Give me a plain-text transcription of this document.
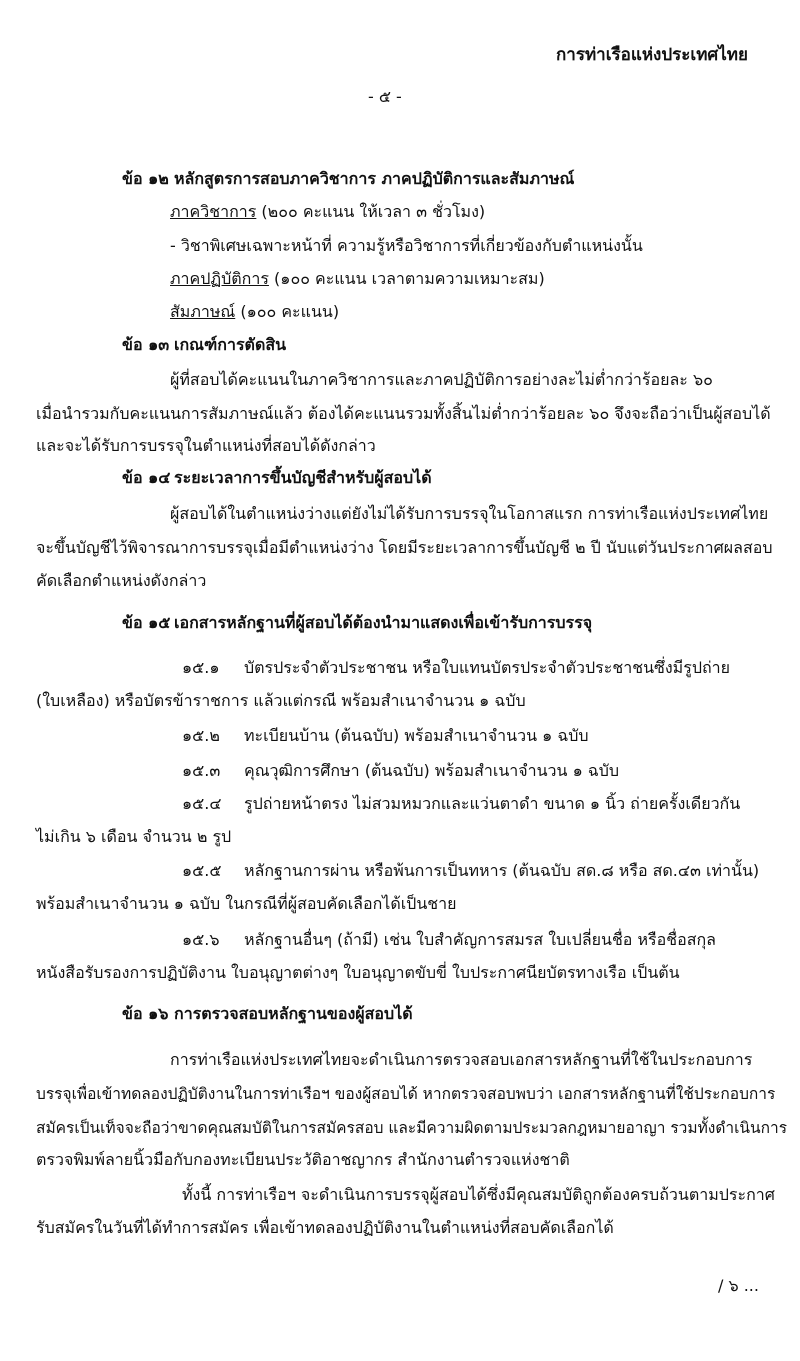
การท่าเรือแห่งประเทศไทย
- ๕ -
ข้อ ๑๒ หลักสูตรการสอบภาควิชาการ ภาคปฏิบัติการและสัมภาษณ์
ภาควิชาการ (๒๐๐ คะแนน ให้เวลา ๓ ชั่วโมง)
- วิชาพิเศษเฉพาะหน้าที่ ความรู้หรือวิชาการที่เกี่ยวข้องกับตำแหน่งนั้น
ภาคปฏิบัติการ (๑๐๐ คะแนน เวลาตามความเหมาะสม)
สัมภาษณ์ (๑๐๐ คะแนน)
ข้อ ๑๓ เกณฑ์การตัดสิน
ผู้ที่สอบได้คะแนนในภาควิชาการและภาคปฏิบัติการอย่างละไม่ต่ำกว่าร้อยละ ๖๐
เมื่อนำรวมกับคะแนนการสัมภาษณ์แล้ว ต้องได้คะแนนรวมทั้งสิ้นไม่ต่ำกว่าร้อยละ ๖๐ จึงจะถือว่าเป็นผู้สอบได้
และจะได้รับการบรรจุในตำแหน่งที่สอบได้ดังกล่าว
ข้อ ๑๔ ระยะเวลาการขึ้นบัญชีสำหรับผู้สอบได้
ผู้สอบได้ในตำแหน่งว่างแต่ยังไม่ได้รับการบรรจุในโอกาสแรก การท่าเรือแห่งประเทศไทย
จะขึ้นบัญชีไว้พิจารณาการบรรจุเมื่อมีตำแหน่งว่าง โดยมีระยะเวลาการขึ้นบัญชี ๒ ปี นับแต่วันประกาศผลสอบ
คัดเลือกตำแหน่งดังกล่าว
ข้อ ๑๕ เอกสารหลักฐานที่ผู้สอบได้ต้องนำมาแสดงเพื่อเข้ารับการบรรจุ
๑๕.๑ บัตรประจำตัวประชาชน หรือใบแทนบัตรประจำตัวประชาชนซึ่งมีรูปถ่าย
(ใบเหลือง) หรือบัตรข้าราชการ แล้วแต่กรณี พร้อมสำเนาจำนวน ๑ ฉบับ
๑๕.๒ ทะเบียนบ้าน (ต้นฉบับ) พร้อมสำเนาจำนวน ๑ ฉบับ
๑๕.๓ คุณวุฒิการศึกษา (ต้นฉบับ) พร้อมสำเนาจำนวน ๑ ฉบับ
๑๕.๔ รูปถ่ายหน้าตรง ไม่สวมหมวกและแว่นตาดำ ขนาด ๑ นิ้ว ถ่ายครั้งเดียวกัน
ไม่เกิน ๖ เดือน จำนวน ๒ รูป
๑๕.๕ หลักฐานการผ่าน หรือพ้นการเป็นทหาร (ต้นฉบับ สด.๘ หรือ สด.๔๓ เท่านั้น)
พร้อมสำเนาจำนวน ๑ ฉบับ ในกรณีที่ผู้สอบคัดเลือกได้เป็นชาย
๑๕.๖ หลักฐานอื่นๆ (ถ้ามี) เช่น ใบสำคัญการสมรส ใบเปลี่ยนชื่อ หรือชื่อสกุล
หนังสือรับรองการปฏิบัติงาน ใบอนุญาตต่างๆ ใบอนุญาตขับขี่ ใบประกาศนียบัตรทางเรือ เป็นต้น
ข้อ ๑๖ การตรวจสอบหลักฐานของผู้สอบได้
การท่าเรือแห่งประเทศไทยจะดำเนินการตรวจสอบเอกสารหลักฐานที่ใช้ในประกอบการ
บรรจุเพื่อเข้าทดลองปฏิบัติงานในการท่าเรือฯ ของผู้สอบได้ หากตรวจสอบพบว่า เอกสารหลักฐานที่ใช้ประกอบการ
สมัครเป็นเท็จจะถือว่าขาดคุณสมบัติในการสมัครสอบ และมีความผิดตามประมวลกฎหมายอาญา รวมทั้งดำเนินการ
ตรวจพิมพ์ลายนิ้วมือกับกองทะเบียนประวัติอาชญากร สำนักงานตำรวจแห่งชาติ
ทั้งนี้ การท่าเรือฯ จะดำเนินการบรรจุผู้สอบได้ซึ่งมีคุณสมบัติถูกต้องครบถ้วนตามประกาศ
รับสมัครในวันที่ได้ทำการสมัคร เพื่อเข้าทดลองปฏิบัติงานในตำแหน่งที่สอบคัดเลือกได้
/ ๖ ...
